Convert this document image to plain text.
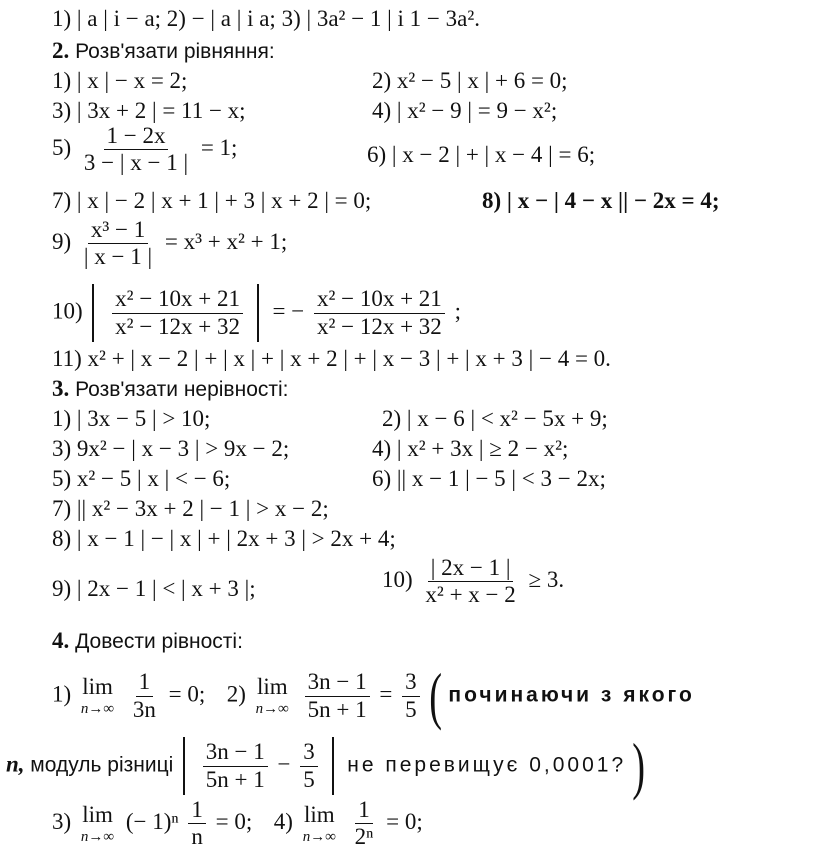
1) | a | і − a; 2) − | a | і a; 3) | 3a² − 1 | і 1 − 3a².
2. Розв'язати рівняння:
1) | x | − x = 2;	2) x² − 5 | x | + 6 = 0;
3) | 3x + 2 | = 11 − x;	4) | x² − 9 | = 9 − x²;
$5) \frac{1 - 2x}{3 - | x - 1 |} = 1$;	6) | x − 2 | + | x − 4 | = 6;
7) | x | − 2 | x + 1 | + 3 | x + 2 | = 0;	8) | x − | 4 − x || − 2x = 4;
$9) \frac{\text{x³ − 1}}{| x - 1 |} = x^3 + x^2 + 1$;
$10) \frac{\text{x² − 10x + 21}}{\text{x² − 12x + 32}}$ = − $\frac{\text{x² − 10x + 21}}{\text{x² − 12x + 32}}$ ;
11) x² + | x − 2 | + | x | + | x + 2 | + | x − 3 | + | x + 3 | − 4 = 0.
3. Розв'язати нерівності:
1) | 3x − 5 | > 10;	2) | x − 6 | < x² − 5x + 9;
3) 9x² − | x − 3 | > 9x − 2;	4) | x² + 3x | ≥ 2 − x²;
5) x² − 5 | x | < − 6;	6) || x − 1 | − 5 | < 3 − 2x;
7) || x² − 3x + 2 | − 1 | > x − 2;
8) | x − 1 | − | x | + | 2x + 3 | > 2x + 4;
9) | 2x − 1 | < | x + 3 |;	$10) \frac{| 2x - 1 |}{\text{x² + x − 2}} \ge 3$.
4. Довести рівності:
1) lim
n→∞
$\frac{1}{3n} = 0$; 2) lim
n→∞
$\frac{3n - 1}{5n + 1} = \frac{3}{5}$ ( починаючи з якого
n, модуль різниці $\frac{3n - 1}{5n + 1} - \frac{3}{5}$ не перевищує 0,0001? )
3) lim
n→∞
(− $1)^n \frac{1}{n} = 0$; 4) lim
n→∞
$\frac{1}{\text{2ⁿ}} = 0$;
